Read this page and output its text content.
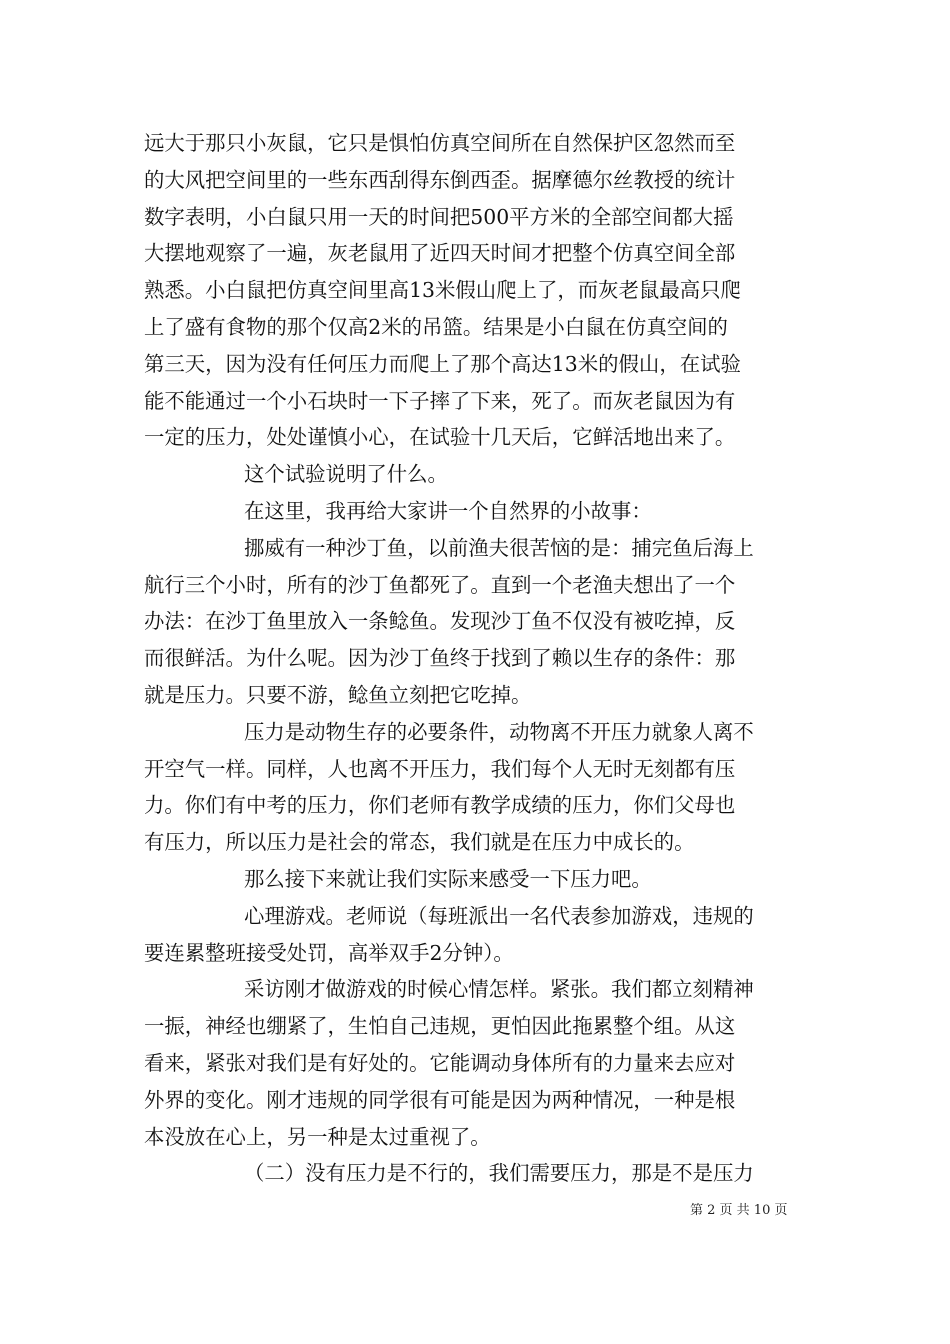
远大于那只小灰鼠，它只是惧怕仿真空间所在自然保护区忽然而至
的大风把空间里的一些东西刮得东倒西歪。据摩德尔丝教授的统计
数字表明，小白鼠只用一天的时间把500平方米的全部空间都大摇
大摆地观察了一遍，灰老鼠用了近四天时间才把整个仿真空间全部
熟悉。小白鼠把仿真空间里高13米假山爬上了，而灰老鼠最高只爬
上了盛有食物的那个仅高2米的吊篮。结果是小白鼠在仿真空间的
第三天，因为没有任何压力而爬上了那个高达13米的假山，在试验
能不能通过一个小石块时一下子摔了下来，死了。而灰老鼠因为有
一定的压力，处处谨慎小心，在试验十几天后，它鲜活地出来了。
这个试验说明了什么。
在这里，我再给大家讲一个自然界的小故事：
挪威有一种沙丁鱼，以前渔夫很苦恼的是：捕完鱼后海上
航行三个小时，所有的沙丁鱼都死了。直到一个老渔夫想出了一个
办法：在沙丁鱼里放入一条鲶鱼。发现沙丁鱼不仅没有被吃掉，反
而很鲜活。为什么呢。因为沙丁鱼终于找到了赖以生存的条件：那
就是压力。只要不游，鲶鱼立刻把它吃掉。
压力是动物生存的必要条件，动物离不开压力就象人离不
开空气一样。同样，人也离不开压力，我们每个人无时无刻都有压
力。你们有中考的压力，你们老师有教学成绩的压力，你们父母也
有压力，所以压力是社会的常态，我们就是在压力中成长的。
那么接下来就让我们实际来感受一下压力吧。
心理游戏。老师说（每班派出一名代表参加游戏，违规的
要连累整班接受处罚，高举双手2分钟）。
采访刚才做游戏的时候心情怎样。紧张。我们都立刻精神
一振，神经也绷紧了，生怕自己违规，更怕因此拖累整个组。从这
看来，紧张对我们是有好处的。它能调动身体所有的力量来去应对
外界的变化。刚才违规的同学很有可能是因为两种情况，一种是根
本没放在心上，另一种是太过重视了。
（二）没有压力是不行的，我们需要压力，那是不是压力
第 2 页 共 10 页
